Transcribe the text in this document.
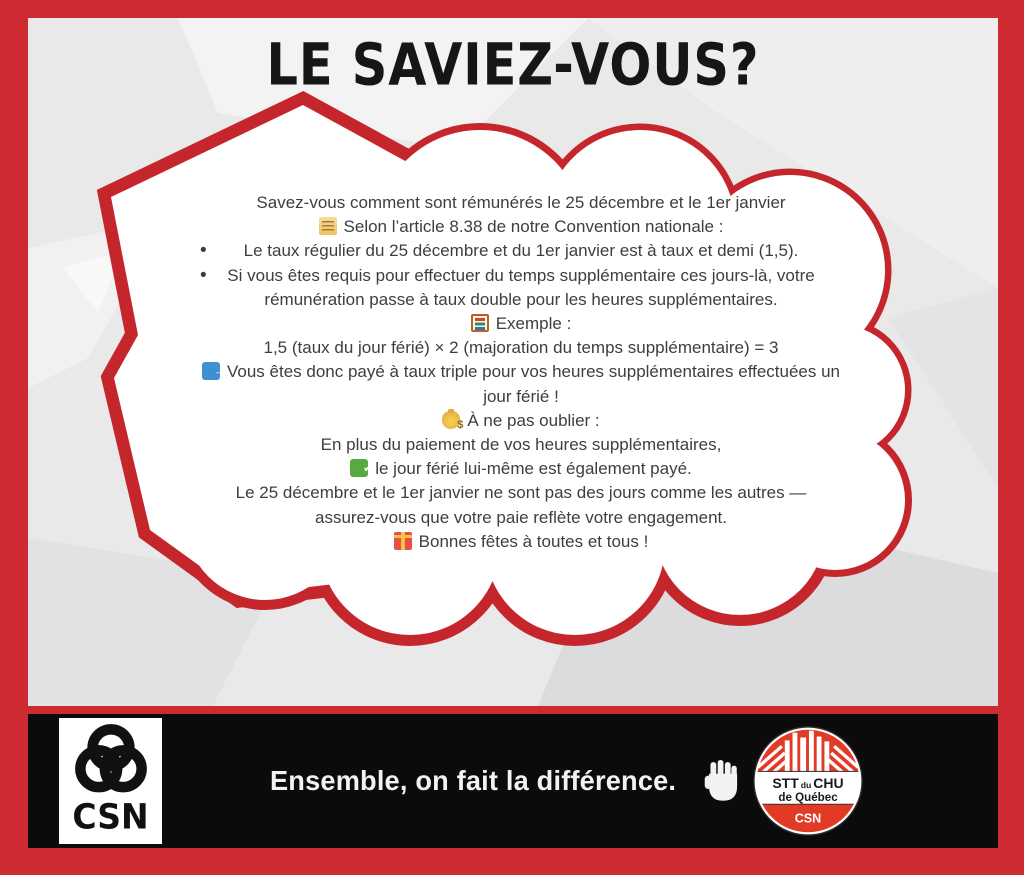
LE SAVIEZ-VOUS?
Savez-vous comment sont rémunérés le 25 décembre et le 1er janvier
Selon l’article 8.38 de notre Convention nationale :
• Le taux régulier du 25 décembre et du 1er janvier est à taux et demi (1,5).
• Si vous êtes requis pour effectuer du temps supplémentaire ces jours-là, votre rémunération passe à taux double pour les heures supplémentaires.
Exemple :
1,5 (taux du jour férié) × 2 (majoration du temps supplémentaire) = 3
→Vous êtes donc payé à taux triple pour vos heures supplémentaires effectuées un jour férié !
$À ne pas oublier :
En plus du paiement de vos heures supplémentaires,
✓le jour férié lui-même est également payé.
Le 25 décembre et le 1er janvier ne sont pas des jours comme les autres —
assurez-vous que votre paie reflète votre engagement.
Bonnes fêtes à toutes et tous !
CSN
Ensemble, on fait la différence.	STT du CHU
de Québec
CSN
